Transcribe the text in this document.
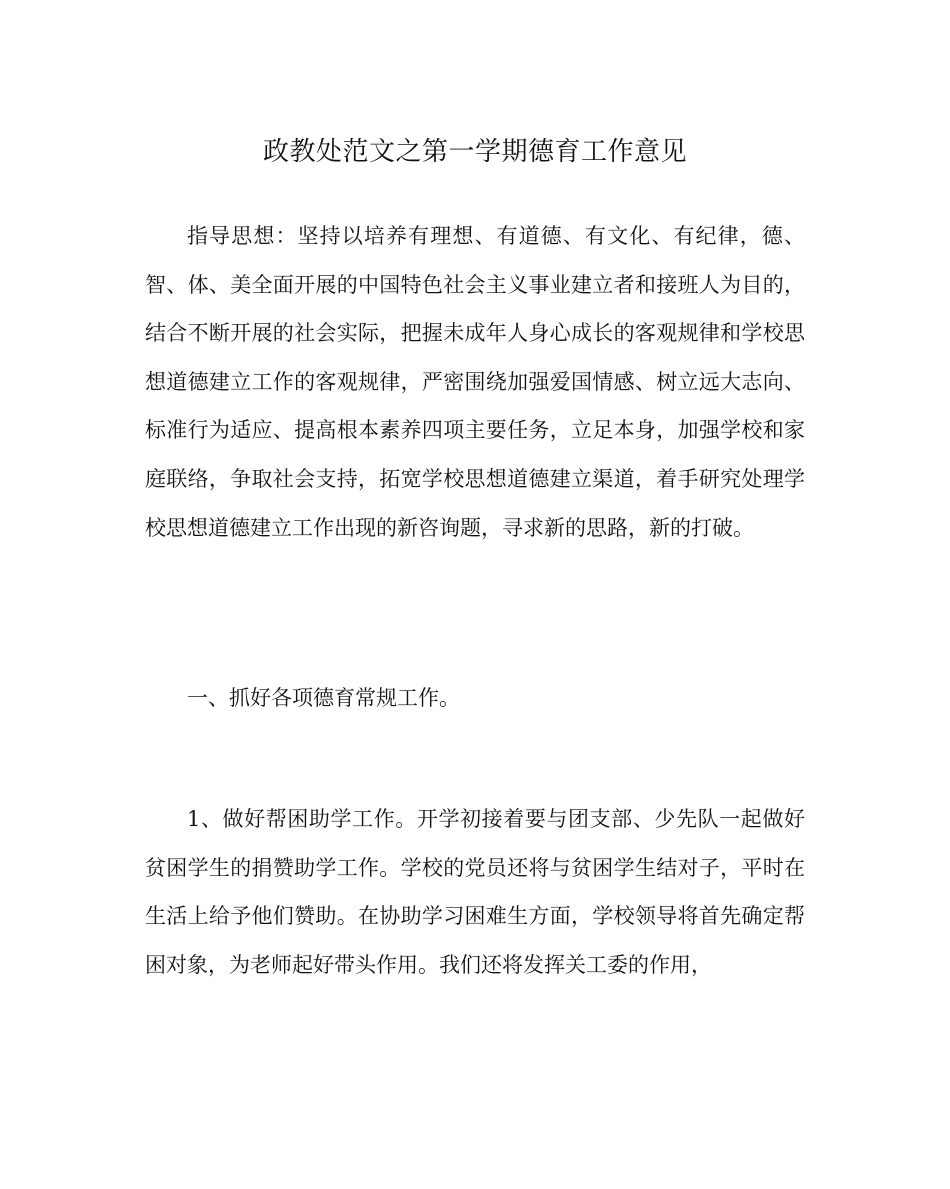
政教处范文之第一学期德育工作意见

指导思想：坚持以培养有理想、有道德、有文化、有纪律，德、智、体、美全面开展的中国特色社会主义事业建立者和接班人为目的，结合不断开展的社会实际，把握未成年人身心成长的客观规律和学校思想道德建立工作的客观规律，严密围绕加强爱国情感、树立远大志向、标准行为适应、提高根本素养四项主要任务，立足本身，加强学校和家庭联络，争取社会支持，拓宽学校思想道德建立渠道，着手研究处理学校思想道德建立工作出现的新咨询题，寻求新的思路，新的打破。

一、抓好各项德育常规工作。

1、做好帮困助学工作。开学初接着要与团支部、少先队一起做好贫困学生的捐赞助学工作。学校的党员还将与贫困学生结对子，平时在生活上给予他们赞助。在协助学习困难生方面，学校领导将首先确定帮困对象，为老师起好带头作用。我们还将发挥关工委的作用，
